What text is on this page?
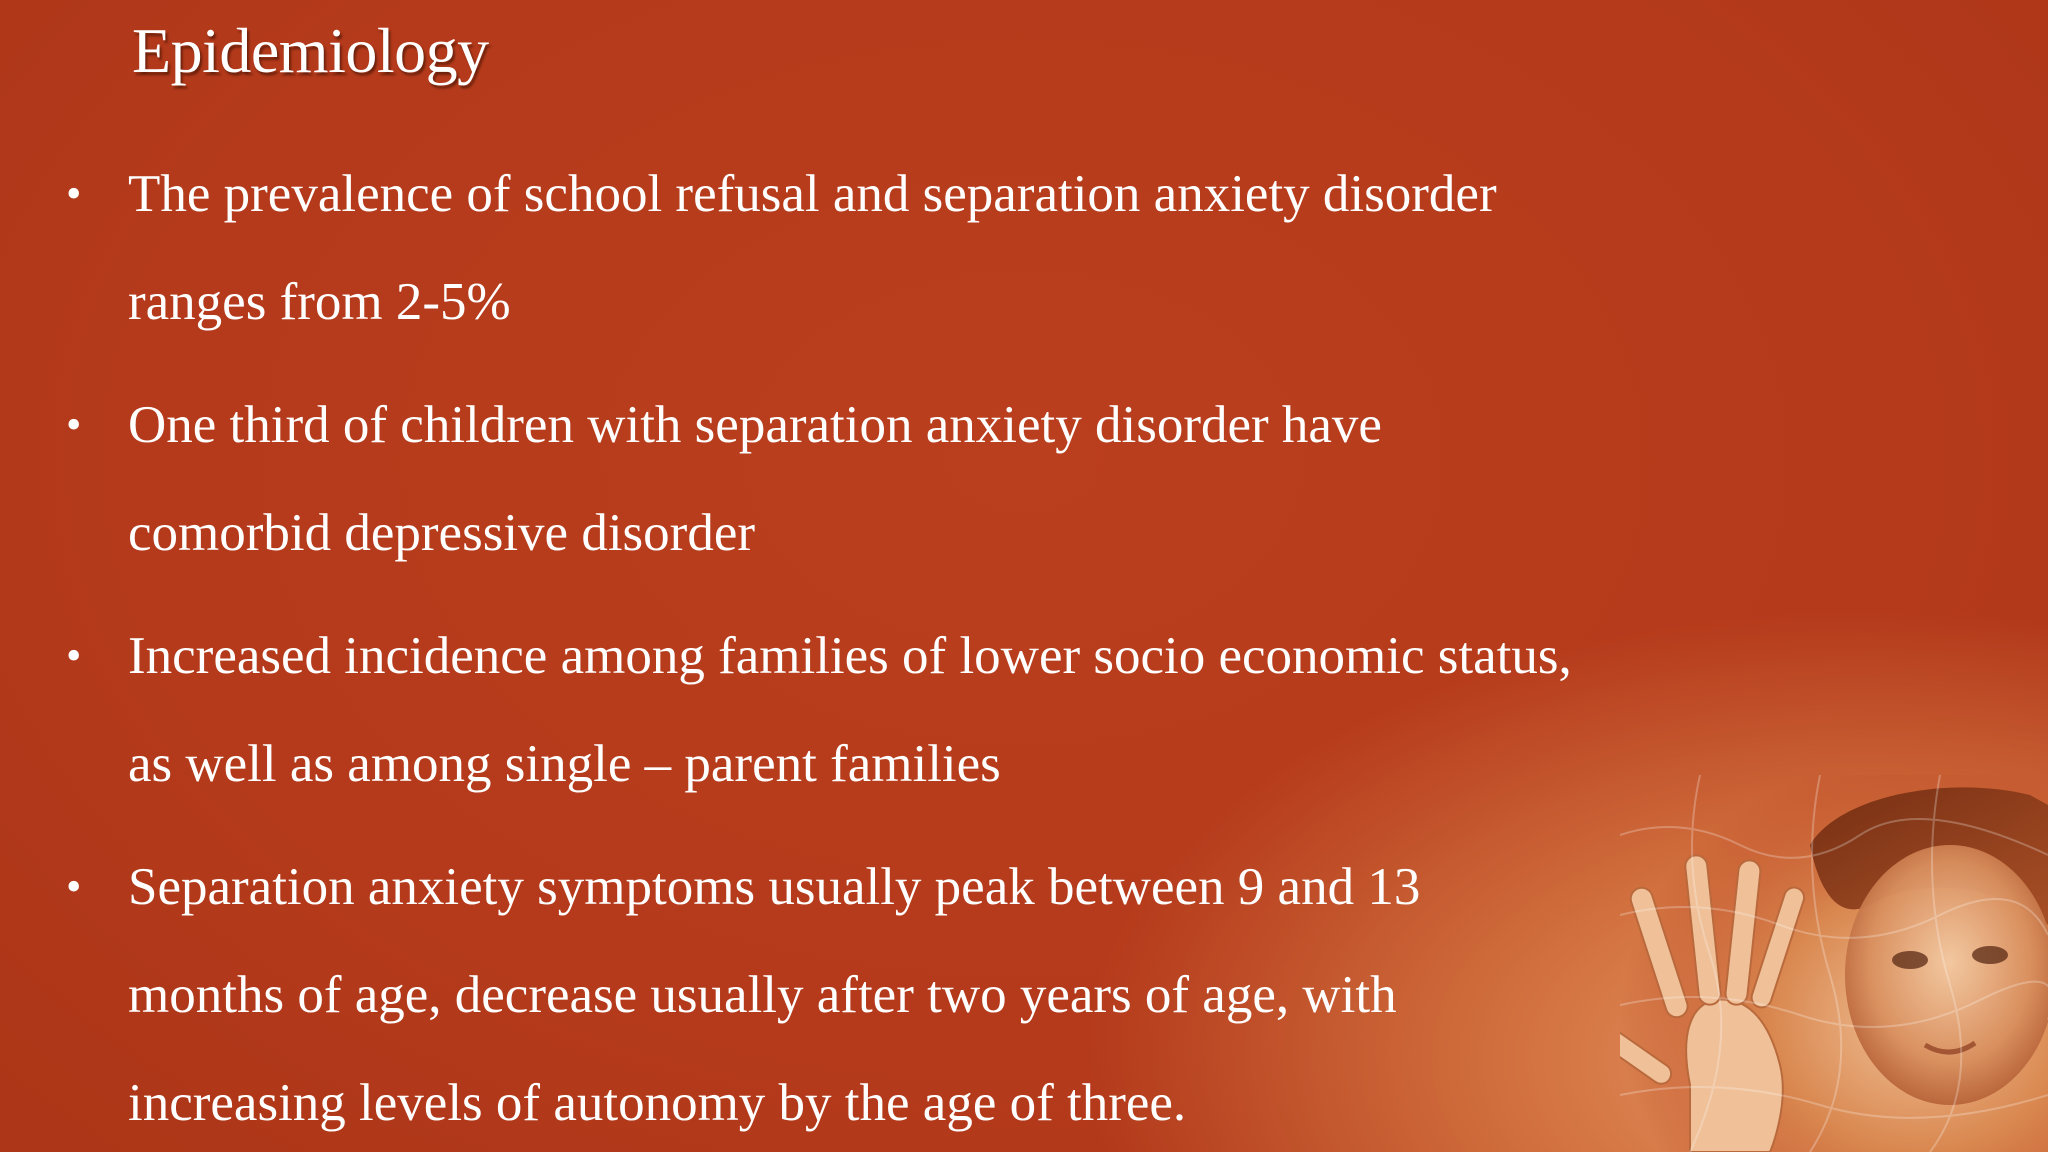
Epidemiology
• The prevalence of school refusal and separation anxiety disorder
ranges from 2-5%
• One third of children with separation anxiety disorder have
comorbid depressive disorder
• Increased incidence among families of lower socio economic status,
as well as among single – parent families
• Separation anxiety symptoms usually peak between 9 and 13
months of age, decrease usually after two years of age, with
increasing levels of autonomy by the age of three.
